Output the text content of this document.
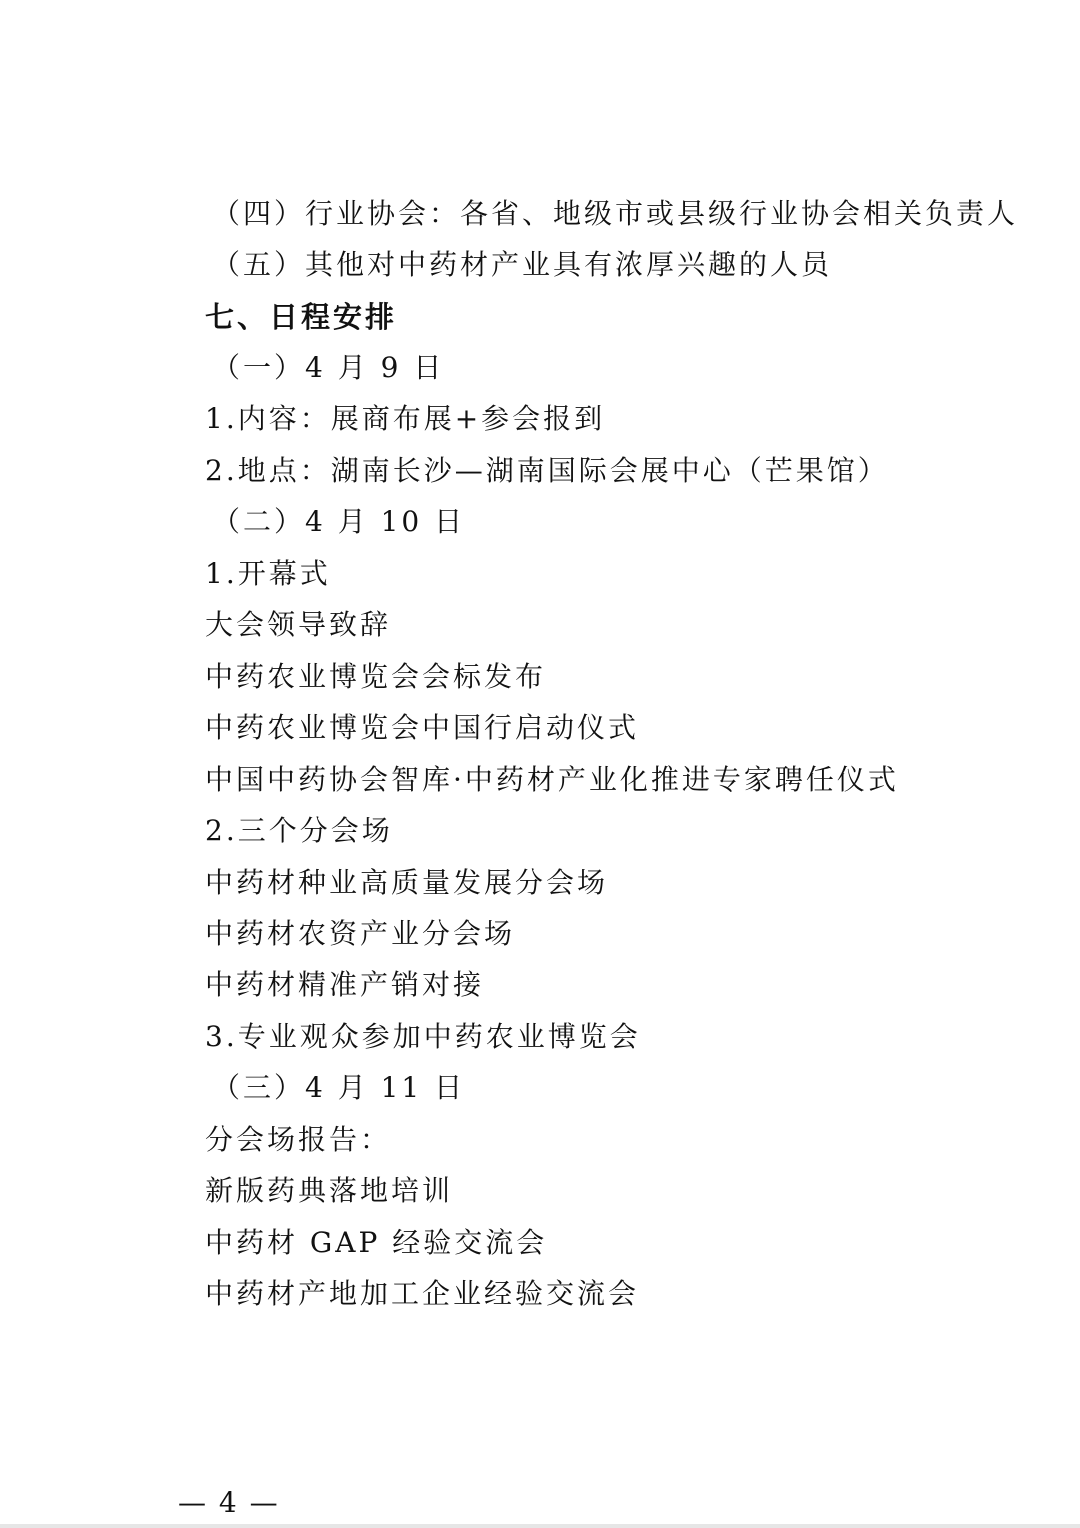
（四）行业协会：各省、地级市或县级行业协会相关负责人
（五）其他对中药材产业具有浓厚兴趣的人员
七、日程安排
（一）4 月 9 日
1.内容：展商布展+参会报到
2.地点：湖南长沙—湖南国际会展中心（芒果馆）
（二）4 月 10 日
1.开幕式
大会领导致辞
中药农业博览会会标发布
中药农业博览会中国行启动仪式
中国中药协会智库·中药材产业化推进专家聘任仪式
2.三个分会场
中药材种业高质量发展分会场
中药材农资产业分会场
中药材精准产销对接
3.专业观众参加中药农业博览会
（三）4 月 11 日
分会场报告：
新版药典落地培训
中药材 GAP 经验交流会
中药材产地加工企业经验交流会
— 4 —
